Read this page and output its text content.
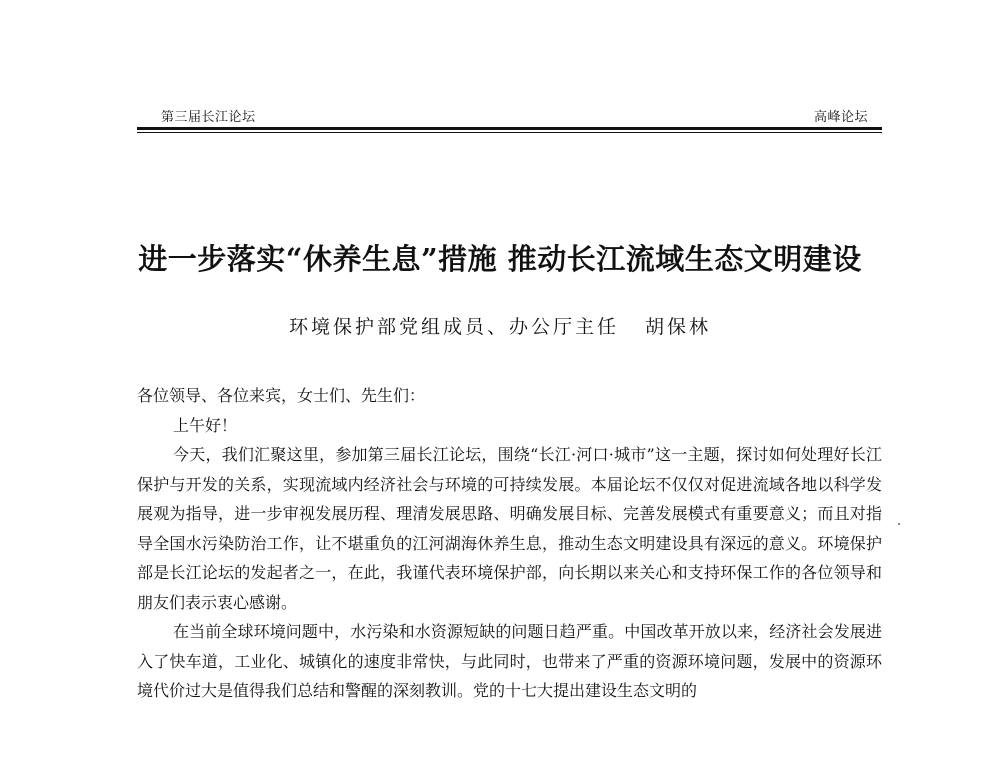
第三届长江论坛	高峰论坛
进一步落实“休养生息”措施 推动长江流域生态文明建设
环境保护部党组成员、办公厅主任 胡保林

各位领导、各位来宾，女士们、先生们：

上午好！

今天，我们汇聚这里，参加第三届长江论坛，围绕“长江·河口·城市”这一主题，探讨如何处理好长江保护与开发的关系，实现流域内经济社会与环境的可持续发展。本届论坛不仅仅对促进流域各地以科学发展观为指导，进一步审视发展历程、理清发展思路、明确发展目标、完善发展模式有重要意义；而且对指导全国水污染防治工作，让不堪重负的江河湖海休养生息，推动生态文明建设具有深远的意义。环境保护部是长江论坛的发起者之一，在此，我谨代表环境保护部，向长期以来关心和支持环保工作的各位领导和朋友们表示衷心感谢。

在当前全球环境问题中，水污染和水资源短缺的问题日趋严重。中国改革开放以来，经济社会发展进入了快车道，工业化、城镇化的速度非常快，与此同时，也带来了严重的资源环境问题，发展中的资源环境代价过大是值得我们总结和警醒的深刻教训。党的十七大提出建设生态文明的
